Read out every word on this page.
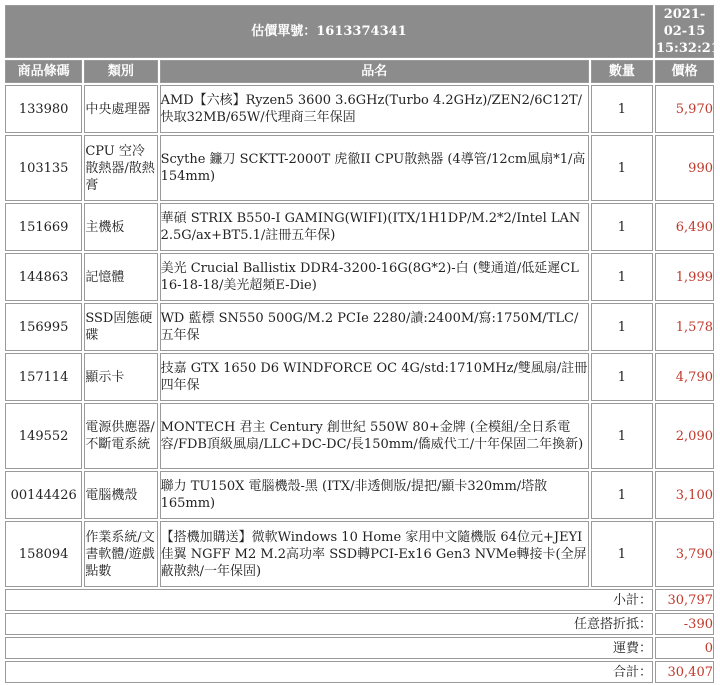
估價單號：1613374341				2021-02-15
15:32:21

商品條碼	類別	品名	數量	價格
133980	中央處理器	AMD【六核】Ryzen5 3600 3.6GHz(Turbo 4.2GHz)/ZEN2/6C12T/快取32MB/65W/代理商三年保固	1	5,970
103135	CPU 空冷散熱器/散熱膏	Scythe 鐮刀 SCKTT-2000T 虎徹II CPU散熱器 (4導管/12cm風扇*1/高154mm)	1	990
151669	主機板	華碩 STRIX B550-I GAMING(WIFI)(ITX/1H1DP/M.2*2/Intel LAN 2.5G/ax+BT5.1/註冊五年保)	1	6,490
144863	記憶體	美光 Crucial Ballistix DDR4-3200-16G(8G*2)-白 (雙通道/低延遲CL 16-18-18/美光超頻E-Die)	1	1,999
156995	SSD固態硬碟	WD 藍標 SN550 500G/M.2 PCIe 2280/讀:2400M/寫:1750M/TLC/五年保	1	1,578
157114	顯示卡	技嘉 GTX 1650 D6 WINDFORCE OC 4G/std:1710MHz/雙風扇/註冊四年保	1	4,790
149552	電源供應器/不斷電系統	MONTECH 君主 Century 創世紀 550W 80+金牌 (全模組/全日系電容/FDB頂級風扇/LLC+DC-DC/長150mm/僑威代工/十年保固二年換新)	1	2,090
00144426	電腦機殼	聯力 TU150X 電腦機殼-黑 (ITX/非透側版/提把/顯卡320mm/塔散165mm)	1	3,100
158094	作業系統/文書軟體/遊戲點數	【搭機加購送】微軟Windows 10 Home 家用中文隨機版 64位元+JEYI 佳翼 NGFF M2 M.2高功率 SSD轉PCI-Ex16 Gen3 NVMe轉接卡(全屏蔽散熱/一年保固)	1	3,790
小計：				30,797
任意搭折抵：				-390
運費：				0
合計：				30,407
